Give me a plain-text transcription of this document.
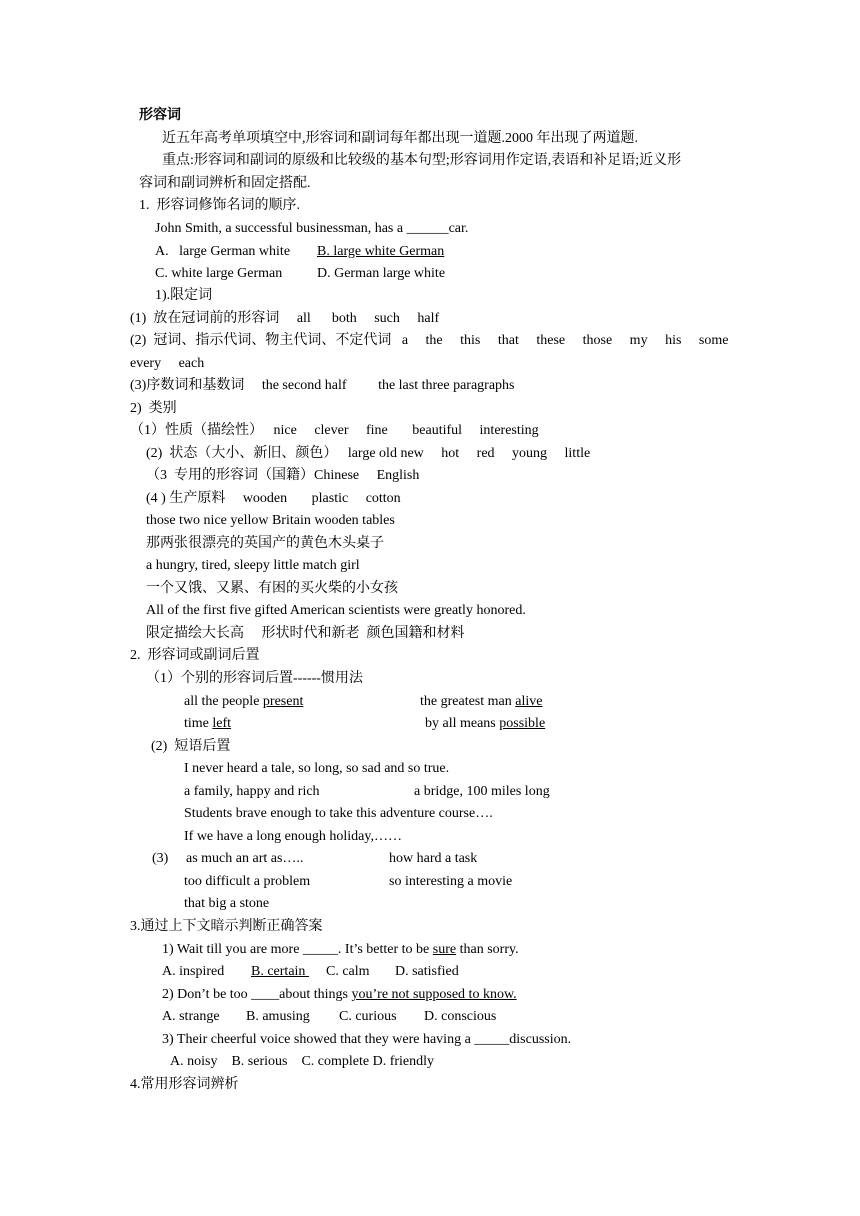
形容词
近五年高考单项填空中,形容词和副词每年都出现一道题.2000 年出现了两道题.
重点:形容词和副词的原级和比较级的基本句型;形容词用作定语,表语和补足语;近义形
容词和副词辨析和固定搭配.
1.  形容词修饰名词的顺序.
John Smith, a successful businessman, has a ______car.
A.   large German white B. large white German
C. white large German D. German large white
1).限定词
(1)  放在冠词前的形容词     all      both     such     half
(2)  冠词、指示代词、物主代词、不定代词   a     the     this     that     these     those     my     his     some
every     each
(3)序数词和基数词     the second half         the last three paragraphs
2)  类别
（1）性质（描绘性）   nice     clever     fine       beautiful     interesting
(2)  状态（大小、新旧、颜色）   large old new     hot     red     young     little
（3  专用的形容词（国籍）Chinese     English
(4 ) 生产原料     wooden       plastic     cotton
those two nice yellow Britain wooden tables
那两张很漂亮的英国产的黄色木头桌子
a hungry, tired, sleepy little match girl
一个又饿、又累、有困的买火柴的小女孩
All of the first five gifted American scientists were greatly honored.
限定描绘大长高     形状时代和新老  颜色国籍和材料
2.  形容词或副词后置
（1）个别的形容词后置------惯用法
all the people present	the greatest man alive
time left	by all means possible
(2)  短语后置
I never heard a tale, so long, so sad and so true.
a family, happy and rich	a bridge, 100 miles long
Students brave enough to take this adventure course….
If we have a long enough holiday,……
(3) as much an art as…..	how hard a task
too difficult a problem	so interesting a movie
that big a stone
3.通过上下文暗示判断正确答案
1) Wait till you are more _____. It’s better to be sure than sorry.
A. inspired B. certain C. calm D. satisfied
2) Don’t be too ____about things you’re not supposed to know.
A. strange B. amusing C. curious D. conscious
3) Their cheerful voice showed that they were having a _____discussion.
A. noisy    B. serious    C. complete D. friendly
4.常用形容词辨析
